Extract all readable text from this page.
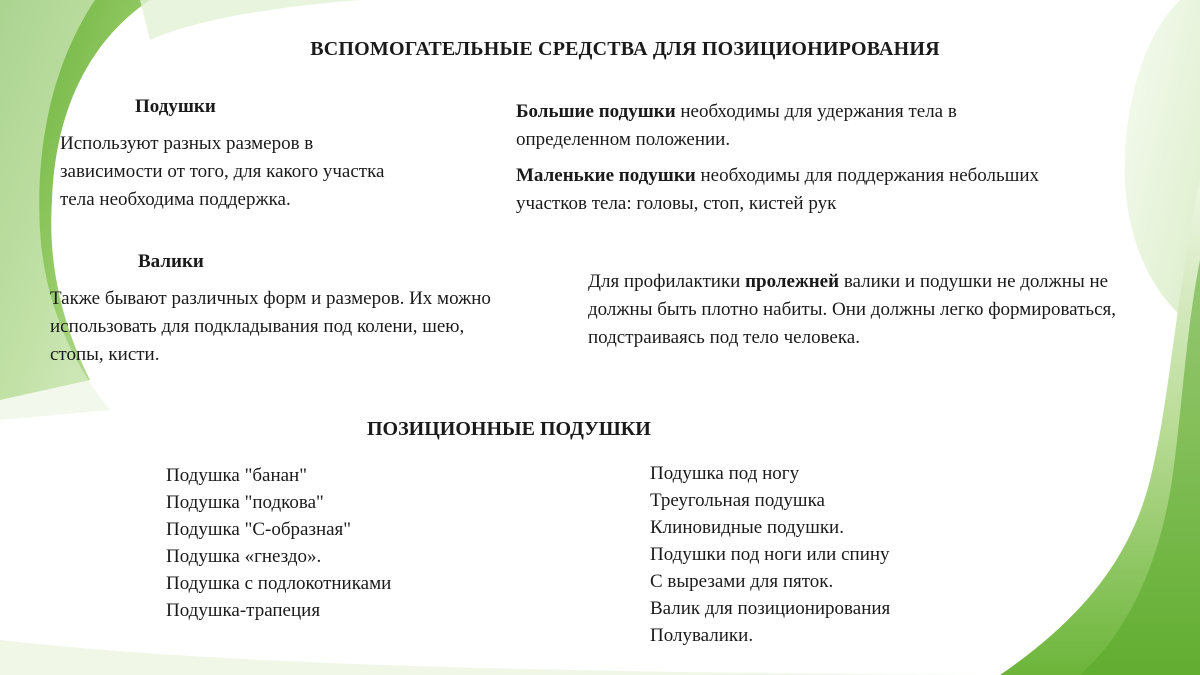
ВСПОМОГАТЕЛЬНЫЕ СРЕДСТВА ДЛЯ ПОЗИЦИОНИРОВАНИЯ

Подушки

Используют разных размеров в зависимости от того, для какого участка тела необходима поддержка.

Большие подушки необходимы для удержания тела в определенном положении.

Маленькие подушки необходимы для поддержания небольших участков тела: головы, стоп, кистей рук

Валики

Также бывают различных форм и размеров. Их можно использовать для подкладывания под колени, шею, стопы, кисти.

Для профилактики пролежней валики и подушки не должны не должны быть плотно набиты. Они должны легко формироваться, подстраиваясь под тело человека.

ПОЗИЦИОННЫЕ ПОДУШКИ

Подушка "банан"
Подушка "подкова"
Подушка "С-образная"
Подушка «гнездо».
Подушка с подлокотниками
Подушка-трапеция
Подушка под ногу
Треугольная подушка
Клиновидные подушки.
Подушки под ноги или спину
С вырезами для пяток.
Валик для позиционирования
Полувалики.
